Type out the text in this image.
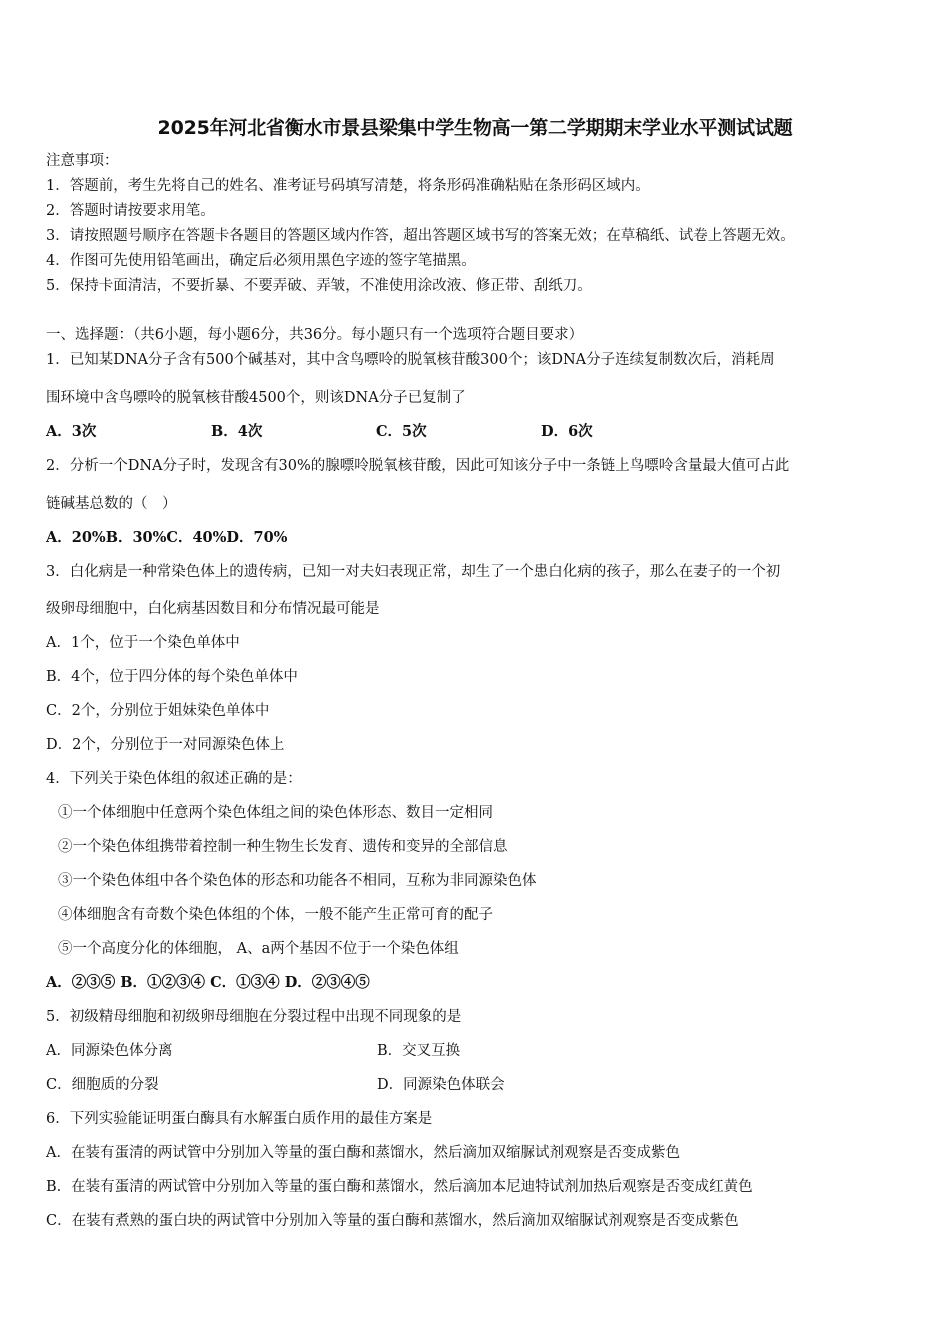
2025年河北省衡水市景县梁集中学生物高一第二学期期末学业水平测试试题
注意事项：
1．答题前，考生先将自己的姓名、准考证号码填写清楚，将条形码准确粘贴在条形码区域内。
2．答题时请按要求用笔。
3．请按照题号顺序在答题卡各题目的答题区域内作答，超出答题区域书写的答案无效；在草稿纸、试卷上答题无效。
4．作图可先使用铅笔画出，确定后必须用黑色字迹的签字笔描黑。
5．保持卡面清洁，不要折暴、不要弄破、弄皱，不准使用涂改液、修正带、刮纸刀。
一、选择题：（共6小题，每小题6分，共36分。每小题只有一个选项符合题目要求）
1．已知某DNA分子含有500个碱基对，其中含鸟嘌呤的脱氧核苷酸300个；该DNA分子连续复制数次后，消耗周
围环境中含鸟嘌呤的脱氧核苷酸4500个，则该DNA分子已复制了
A．3次	B．4次	C．5次	D．6次
2．分析一个DNA分子时，发现含有30%的腺嘌呤脱氧核苷酸，因此可知该分子中一条链上鸟嘌呤含量最大值可占此
链碱基总数的（　）
A．20%B．30%C．40%D．70%
3．白化病是一种常染色体上的遗传病，已知一对夫妇表现正常，却生了一个患白化病的孩子，那么在妻子的一个初
级卵母细胞中，白化病基因数目和分布情况最可能是
A．1个，位于一个染色单体中
B．4个，位于四分体的每个染色单体中
C．2个，分别位于姐妹染色单体中
D．2个，分别位于一对同源染色体上
4．下列关于染色体组的叙述正确的是：
①一个体细胞中任意两个染色体组之间的染色体形态、数目一定相同
②一个染色体组携带着控制一种生物生长发育、遗传和变异的全部信息
③一个染色体组中各个染色体的形态和功能各不相同，互称为非同源染色体
④体细胞含有奇数个染色体组的个体，一般不能产生正常可育的配子
⑤一个高度分化的体细胞， A、a两个基因不位于一个染色体组
A．②③⑤ B．①②③④ C．①③④ D．②③④⑤
5．初级精母细胞和初级卵母细胞在分裂过程中出现不同现象的是
A．同源染色体分离	B．交叉互换
C．细胞质的分裂	D．同源染色体联会
6．下列实验能证明蛋白酶具有水解蛋白质作用的最佳方案是
A．在装有蛋清的两试管中分别加入等量的蛋白酶和蒸馏水，然后滴加双缩脲试剂观察是否变成紫色
B．在装有蛋清的两试管中分别加入等量的蛋白酶和蒸馏水，然后滴加本尼迪特试剂加热后观察是否变成红黄色
C．在装有煮熟的蛋白块的两试管中分别加入等量的蛋白酶和蒸馏水，然后滴加双缩脲试剂观察是否变成紫色
